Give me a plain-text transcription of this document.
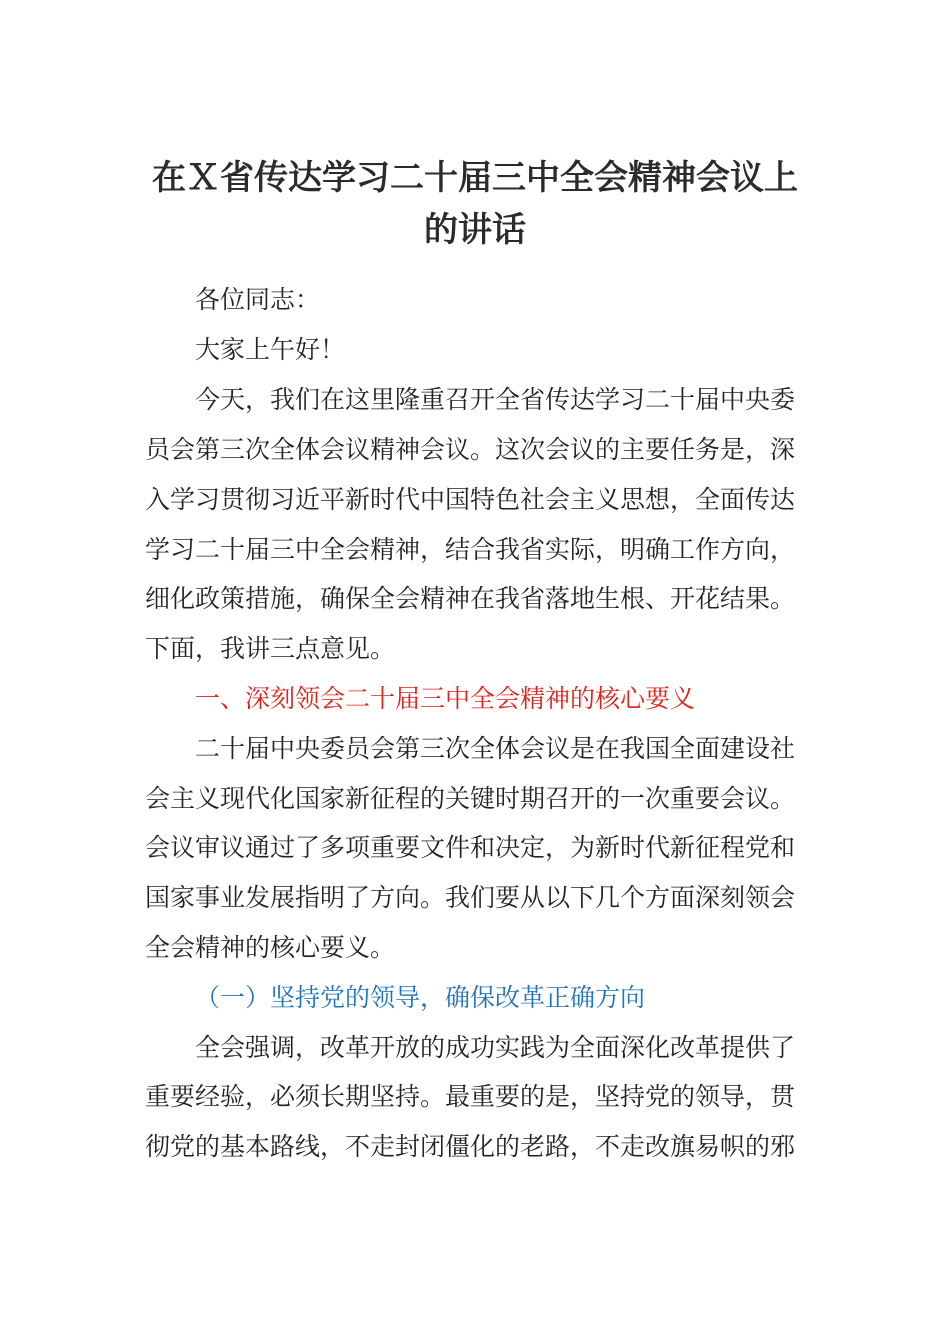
在Ｘ省传达学习二十届三中全会精神会议上
的讲话
各位同志：
大家上午好！
今天，我们在这里隆重召开全省传达学习二十届中央委
员会第三次全体会议精神会议。这次会议的主要任务是，深
入学习贯彻习近平新时代中国特色社会主义思想，全面传达
学习二十届三中全会精神，结合我省实际，明确工作方向，
细化政策措施，确保全会精神在我省落地生根、开花结果。
下面，我讲三点意见。
一、深刻领会二十届三中全会精神的核心要义
二十届中央委员会第三次全体会议是在我国全面建设社
会主义现代化国家新征程的关键时期召开的一次重要会议。
会议审议通过了多项重要文件和决定，为新时代新征程党和
国家事业发展指明了方向。我们要从以下几个方面深刻领会
全会精神的核心要义。
（一）坚持党的领导，确保改革正确方向
全会强调，改革开放的成功实践为全面深化改革提供了
重要经验，必须长期坚持。最重要的是，坚持党的领导，贯
彻党的基本路线，不走封闭僵化的老路，不走改旗易帜的邪
